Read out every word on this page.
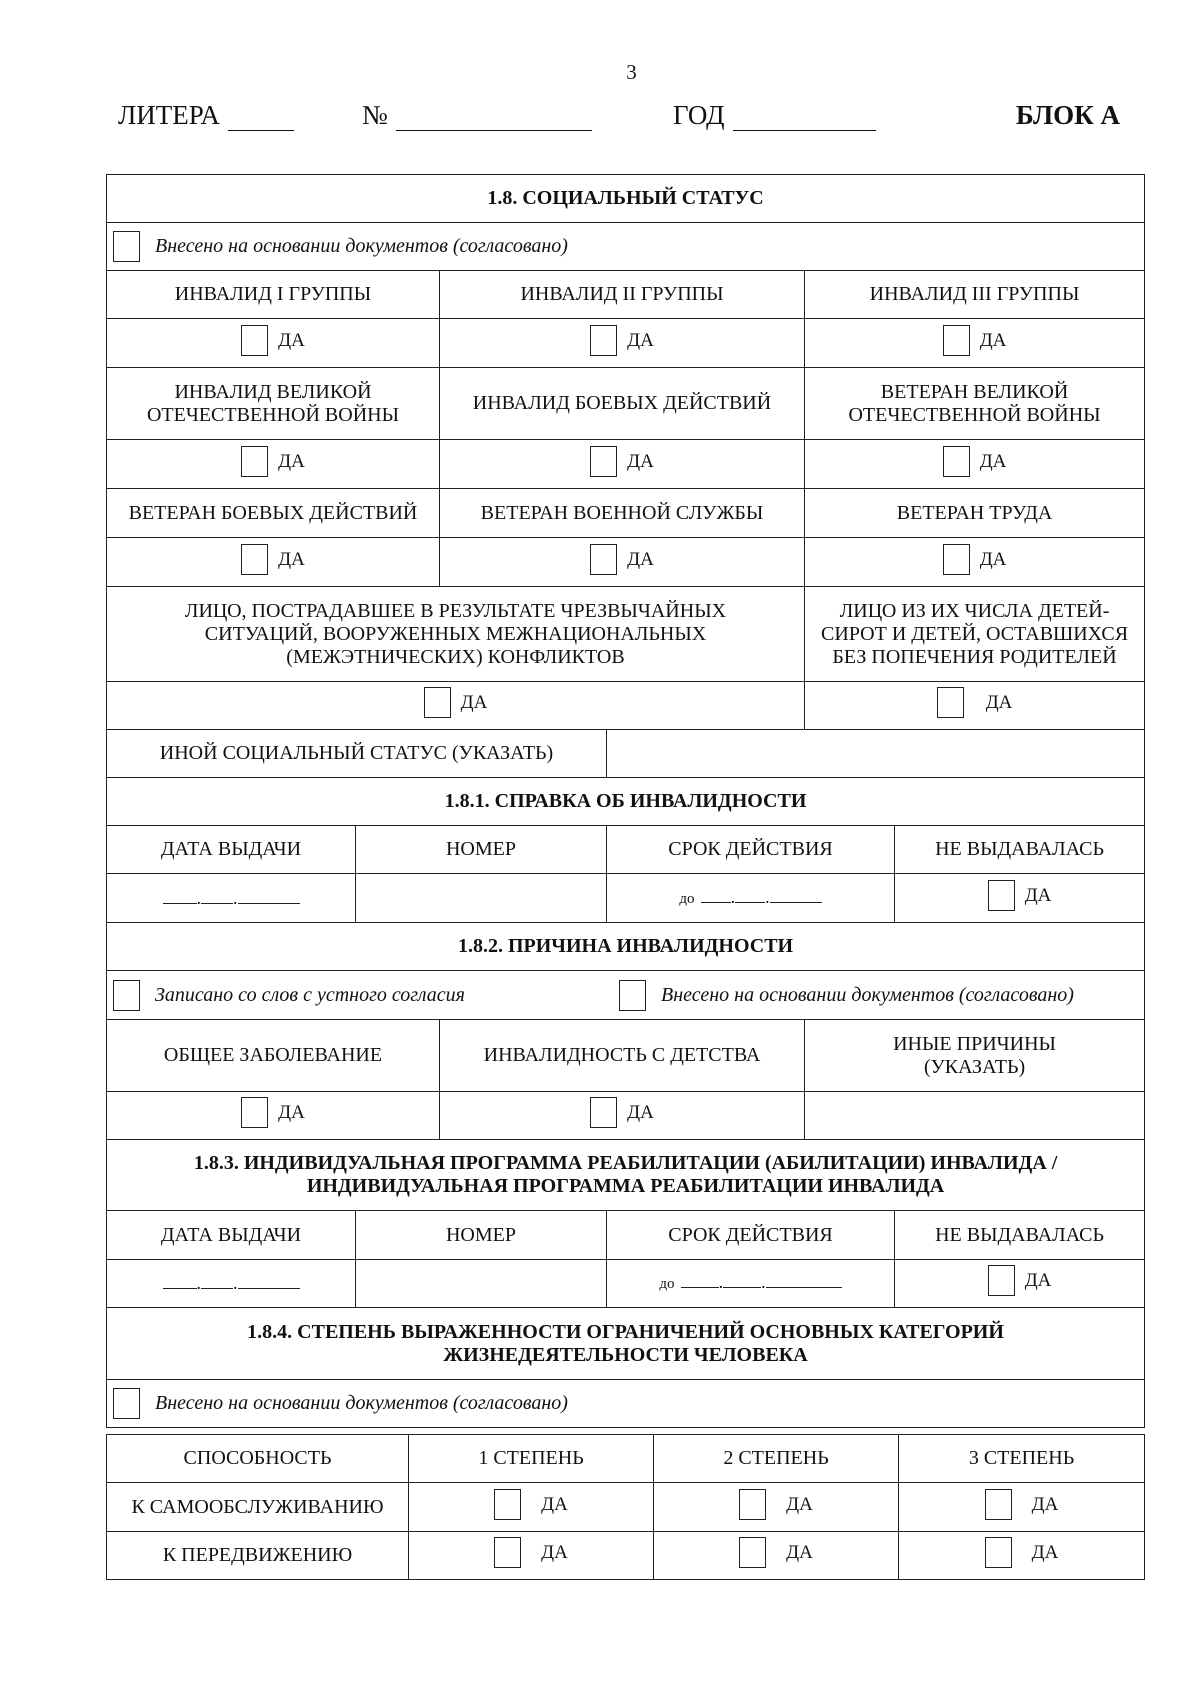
3
ЛИТЕРА	№	ГОД	БЛОК А
1.8. СОЦИАЛЬНЫЙ СТАТУС					

Внесено на основании документов (согласовано)					

ИНВАЛИД I ГРУППЫ		ИНВАЛИД II ГРУППЫ		ИНВАЛИД III ГРУППЫ	

ДА		ДА		ДА	

ИНВАЛИД ВЕЛИКОЙ ОТЕЧЕСТВЕННОЙ ВОЙНЫ		ИНВАЛИД БОЕВЫХ ДЕЙСТВИЙ		ВЕТЕРАН ВЕЛИКОЙ ОТЕЧЕСТВЕННОЙ ВОЙНЫ	

ДА		ДА		ДА	

ВЕТЕРАН БОЕВЫХ ДЕЙСТВИЙ		ВЕТЕРАН ВОЕННОЙ СЛУЖБЫ		ВЕТЕРАН ТРУДА	

ДА		ДА		ДА	

ЛИЦО, ПОСТРАДАВШЕЕ В РЕЗУЛЬТАТЕ ЧРЕЗВЫЧАЙНЫХ СИТУАЦИЙ, ВООРУЖЕННЫХ МЕЖНАЦИОНАЛЬНЫХ (МЕЖЭТНИЧЕСКИХ) КОНФЛИКТОВ				ЛИЦО ИЗ ИХ ЧИСЛА ДЕТЕЙ-СИРОТ И ДЕТЕЙ, ОСТАВШИХСЯ БЕЗ ПОПЕЧЕНИЯ РОДИТЕЛЕЙ	

ДА				ДА	

ИНОЙ СОЦИАЛЬНЫЙ СТАТУС (УКАЗАТЬ)					
1.8.1. СПРАВКА ОБ ИНВАЛИДНОСТИ					
ДАТА ВЫДАЧИ	НОМЕР		СРОК ДЕЙСТВИЯ		НЕ ВЫДАВАЛАСЬ
. .			до . .		ДА

1.8.2. ПРИЧИНА ИНВАЛИДНОСТИ					

Записано со слов с устного согласия Внесено на основании документов (согласовано)					

ОБЩЕЕ ЗАБОЛЕВАНИЕ		ИНВАЛИДНОСТЬ С ДЕТСТВА		ИНЫЕ ПРИЧИНЫ (УКАЗАТЬ)	

ДА		ДА			

1.8.3. ИНДИВИДУАЛЬНАЯ ПРОГРАММА РЕАБИЛИТАЦИИ (АБИЛИТАЦИИ) ИНВАЛИДА / ИНДИВИДУАЛЬНАЯ ПРОГРАММА РЕАБИЛИТАЦИИ ИНВАЛИДА					
ДАТА ВЫДАЧИ	НОМЕР		СРОК ДЕЙСТВИЯ		НЕ ВЫДАВАЛАСЬ
. .			до . .		ДА

1.8.4. СТЕПЕНЬ ВЫРАЖЕННОСТИ ОГРАНИЧЕНИЙ ОСНОВНЫХ КАТЕГОРИЙ ЖИЗНЕДЕЯТЕЛЬНОСТИ ЧЕЛОВЕКА					

Внесено на основании документов (согласовано)					
СПОСОБНОСТЬ	1 СТЕПЕНЬ	2 СТЕПЕНЬ	3 СТЕПЕНЬ
К САМООБСЛУЖИВАНИЮ	ДА	ДА	ДА

К ПЕРЕДВИЖЕНИЮ	ДА	ДА	ДА
